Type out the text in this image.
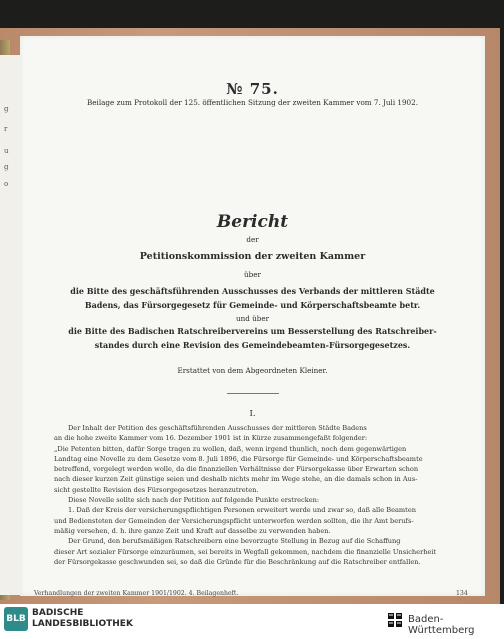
g
r
u
g
o
№ 75.
Beilage zum Protokoll der 125. öffentlichen Sitzung der zweiten Kammer vom 7. Juli 1902.
Bericht
der
Petitionskommission der zweiten Kammer
über
die Bitte des geschäftsführenden Ausschusses des Verbands der mittleren Städte
Badens, das Fürsorgegesetz für Gemeinde- und Körperschaftsbeamte betr.
und über
die Bitte des Badischen Ratschreibervereins um Besserstellung des Ratschreiber-
standes durch eine Revision des Gemeindebeamten-Fürsorgegesetzes.
Erstattet von dem Abgeordneten Kleiner.
I.
Der Inhalt der Petition des geschäftsführenden Ausschusses der mittleren Städte Badens
an die hohe zweite Kammer vom 16. Dezember 1901 ist in Kürze zusammengefaßt folgender:
„Die Petenten bitten, dafür Sorge tragen zu wollen, daß, wenn irgend thunlich, noch dem gegenwärtigen
Landtag eine Novelle zu dem Gesetze vom 8. Juli 1896, die Fürsorge für Gemeinde- und Körperschaftsbeamte
betreffend, vorgelegt werden wolle, da die finanziellen Verhältnisse der Fürsorgekasse über Erwarten schon
nach dieser kurzen Zeit günstige seien und deshalb nichts mehr im Wege stehe, an die damals schon in Aus-
sicht gestellte Revision des Fürsorgegesetzes heranzutreten.
Diese Novelle sollte sich nach der Petition auf folgende Punkte erstrecken:
1. Daß der Kreis der versicherungspflichtigen Personen erweitert werde und zwar so, daß alle Beamten
und Bediensteten der Gemeinden der Versicherungspflicht unterworfen werden sollten, die ihr Amt berufs-
mäßig versehen, d. h. ihre ganze Zeit und Kraft auf dasselbe zu verwenden haben.
Der Grund, den berufsmäßigen Ratschreibern eine bevorzugte Stellung in Bezug auf die Schaffung
dieser Art sozialer Fürsorge einzuräumen, sei bereits in Wegfall gekommen, nachdem die finanzielle Unsicherheit
der Fürsorgekasse geschwunden sei, so daß die Gründe für die Beschränkung auf die Ratschreiber entfallen.
Verhandlungen der zweiten Kammer 1901/1902. 4. Beilagenheft.	134
BLB
BADISCHE
LANDESBIBLIOTHEK	Baden-Württemberg
